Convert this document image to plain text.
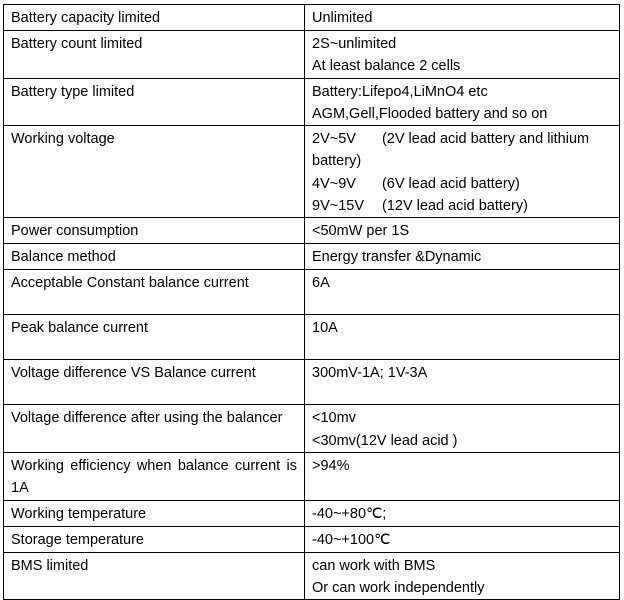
Battery capacity limited	Unlimited

Battery count limited	2S~unlimited
At least balance 2 cells

Battery type limited	Battery:Lifepo4,LiMnO4 etc
AGM,Gell,Flooded battery and so on

Working voltage	2V~5V (2V lead acid battery and lithium battery)
4V~9V (6V lead acid battery)
9V~15V (12V lead acid battery)

Power consumption	<50mW per 1S

Balance method	Energy transfer &Dynamic

Acceptable Constant balance current	6A

Peak balance current	10A

Voltage difference VS Balance current	300mV-1A; 1V-3A

Voltage difference after using the balancer	<10mv
<30mv(12V lead acid )

Working efficiency when balance current is 1A	>94%

Working temperature	-40~+80℃;

Storage temperature	-40~+100℃

BMS limited	can work with BMS
Or can work independently
